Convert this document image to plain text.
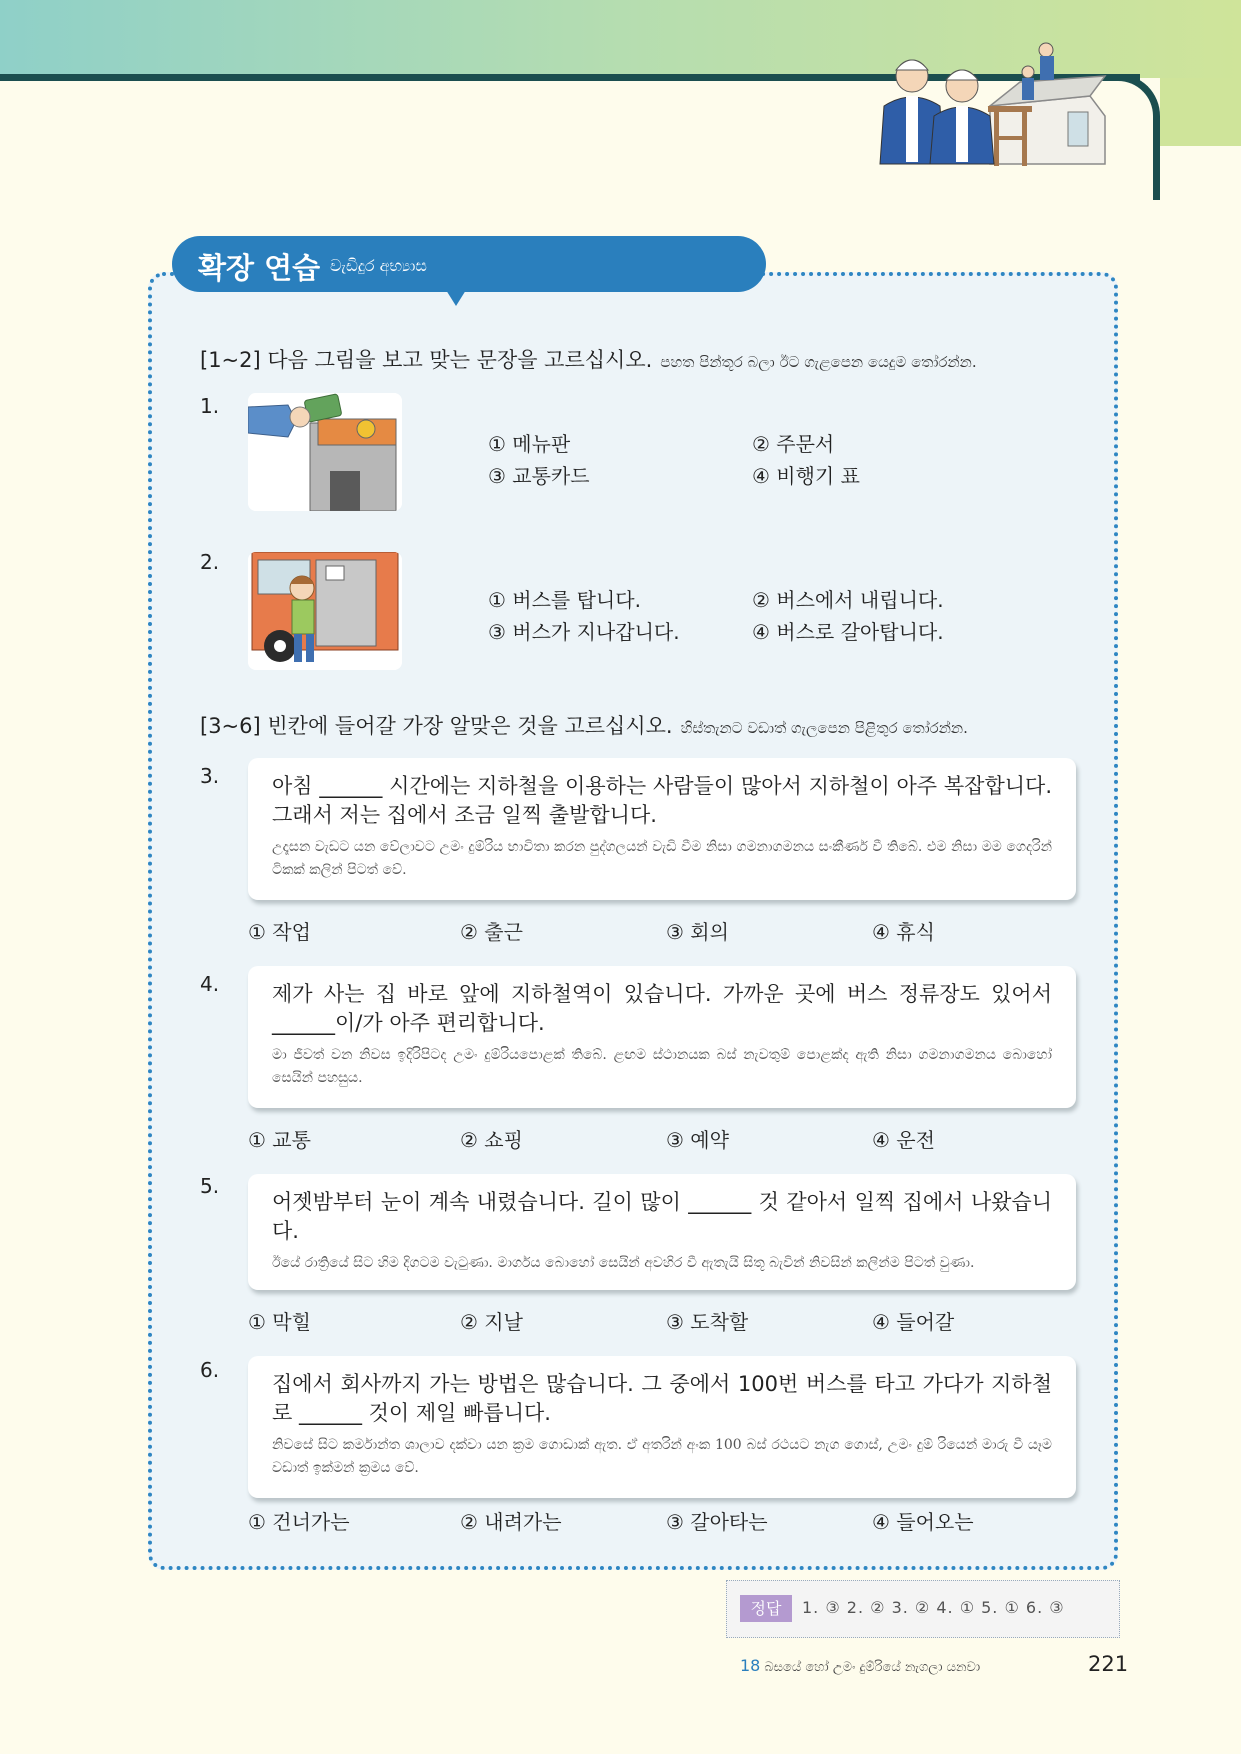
확장 연습 වැඩිදුර අභ්‍යාස
[1~2] 다음 그림을 보고 맞는 문장을 고르십시오. පහත පින්තූර බලා ඊට ගැළපෙන යෙදුම තෝරන්න.
1.
① 메뉴판	② 주문서
③ 교통카드	④ 비행기 표
2.
① 버스를 탑니다.	② 버스에서 내립니다.
③ 버스가 지나갑니다.	④ 버스로 갈아탑니다.
[3~6] 빈칸에 들어갈 가장 알맞은 것을 고르십시오. හිස්තැනට වඩාත් ගැලපෙන පිළිතුර තෝරන්න.
3.	아침 ______ 시간에는 지하철을 이용하는 사람들이 많아서 지하철이 아주 복잡합니다. 그래서 저는 집에서 조금 일찍 출발합니다.
උදෑසන වැඩට යන වේලාවට උමං දුම්රිය භාවිතා කරන පුද්ගලයන් වැඩි වීම නිසා ගමනාගමනය සංකීර්ණ වී තිබේ. එම නිසා මම ගෙදරින් ටිකක් කලින් පිටත් වේ.
① 작업	② 출근	③ 회의	④ 휴식
4.	제가 사는 집 바로 앞에 지하철역이 있습니다. 가까운 곳에 버스 정류장도 있어서 ______이/가 아주 편리합니다.
මා ජීවත් වන නිවස ඉදිරිපිටද උමං දුම්රියපොළක් තිබේ. ළඟම ස්ථානයක බස් නැවතුම් පොළක්ද ඇති නිසා ගමනාගමනය බොහෝ සෙයින් පහසුය.
① 교통	② 쇼핑	③ 예약	④ 운전
5.
어젯밤부터 눈이 계속 내렸습니다. 길이 많이 ______ 것 같아서 일찍 집에서 나왔습니다.
ඊයේ රාත්‍රියේ සිට හිම දිගටම වැටුණා. මාර්ගය බොහෝ සෙයින් අවහිර වී ඇතැයි සිතූ බැවින් නිවසින් කලින්ම පිටත් වුණා.
① 막힐	② 지날	③ 도착할	④ 들어갈
6.
집에서 회사까지 가는 방법은 많습니다. 그 중에서 100번 버스를 타고 가다가 지하철로 ______ 것이 제일 빠릅니다.
නිවසේ සිට කර්මාන්ත ශාලාව දක්වා යන ක්‍රම ගොඩාක් ඇත. ඒ අතරින් අංක 100 බස් රථයට නැග ගොස්, උමං දුම් රියෙන් මාරු වී යෑම වඩාත් ඉක්මන් ක්‍රමය වේ.
① 건너가는	② 내려가는	③ 갈아타는	④ 들어오는
정답	1. ③ 2. ② 3. ② 4. ① 5. ① 6. ③
18 බසයේ හෝ උමං දුම්රියේ නැගලා යනවා	221
